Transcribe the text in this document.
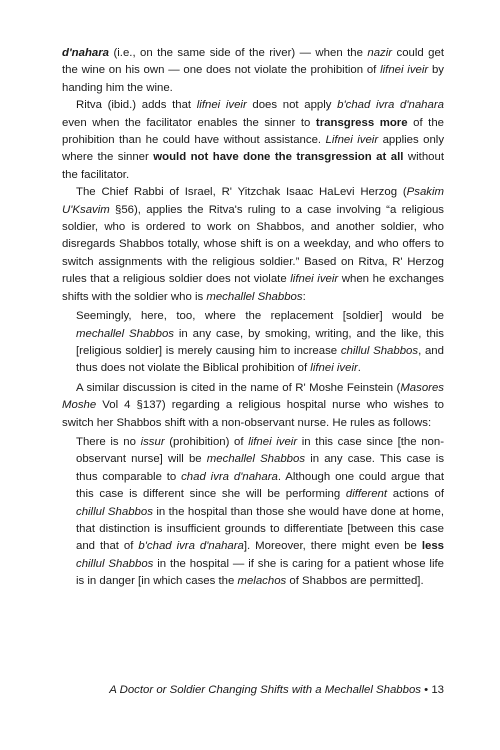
d'nahara (i.e., on the same side of the river) — when the nazir could get the wine on his own — one does not violate the prohibition of lifnei iveir by handing him the wine.

Ritva (ibid.) adds that lifnei iveir does not apply b'chad ivra d'nahara even when the facilitator enables the sinner to transgress more of the prohibition than he could have without assistance. Lifnei iveir applies only where the sinner would not have done the transgression at all without the facilitator.

The Chief Rabbi of Israel, R' Yitzchak Isaac HaLevi Herzog (Psakim U'Ksavim §56), applies the Ritva's ruling to a case involving “a religious soldier, who is ordered to work on Shabbos, and another soldier, who disregards Shabbos totally, whose shift is on a weekday, and who offers to switch assignments with the religious soldier.” Based on Ritva, R' Herzog rules that a religious soldier does not violate lifnei iveir when he exchanges shifts with the soldier who is mechallel Shabbos:

Seemingly, here, too, where the replacement [soldier] would be mechallel Shabbos in any case, by smoking, writing, and the like, this [religious soldier] is merely causing him to increase chillul Shabbos, and thus does not violate the Biblical prohibition of lifnei iveir.

A similar discussion is cited in the name of R' Moshe Feinstein (Masores Moshe Vol 4 §137) regarding a religious hospital nurse who wishes to switch her Shabbos shift with a non-observant nurse. He rules as follows:

There is no issur (prohibition) of lifnei iveir in this case since [the non-observant nurse] will be mechallel Shabbos in any case. This case is thus comparable to chad ivra d'nahara. Although one could argue that this case is different since she will be performing different actions of chillul Shabbos in the hospital than those she would have done at home, that distinction is insufficient grounds to differentiate [between this case and that of b'chad ivra d'nahara]. Moreover, there might even be less chillul Shabbos in the hospital — if she is caring for a patient whose life is in danger [in which cases the melachos of Shabbos are permitted].

A Doctor or Soldier Changing Shifts with a Mechallel Shabbos • 13
